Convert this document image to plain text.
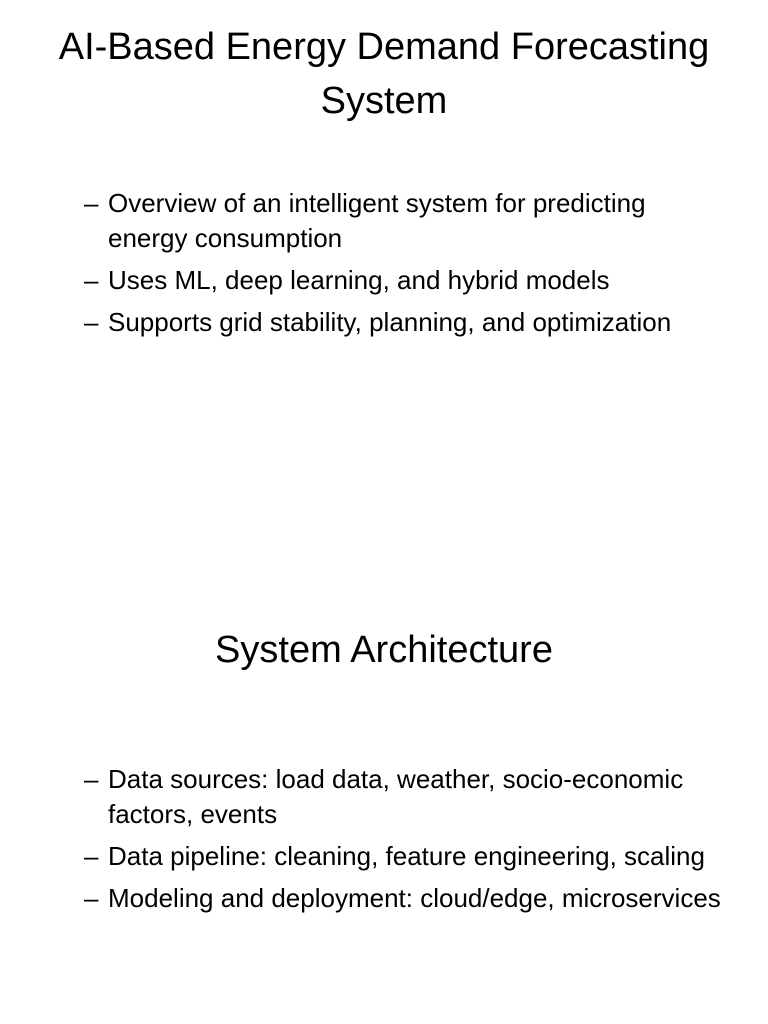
AI-Based Energy Demand Forecasting System
– Overview of an intelligent system for predicting energy consumption
– Uses ML, deep learning, and hybrid models
– Supports grid stability, planning, and optimization
System Architecture
– Data sources: load data, weather, socio-economic factors, events
– Data pipeline: cleaning, feature engineering, scaling
– Modeling and deployment: cloud/edge, microservices
